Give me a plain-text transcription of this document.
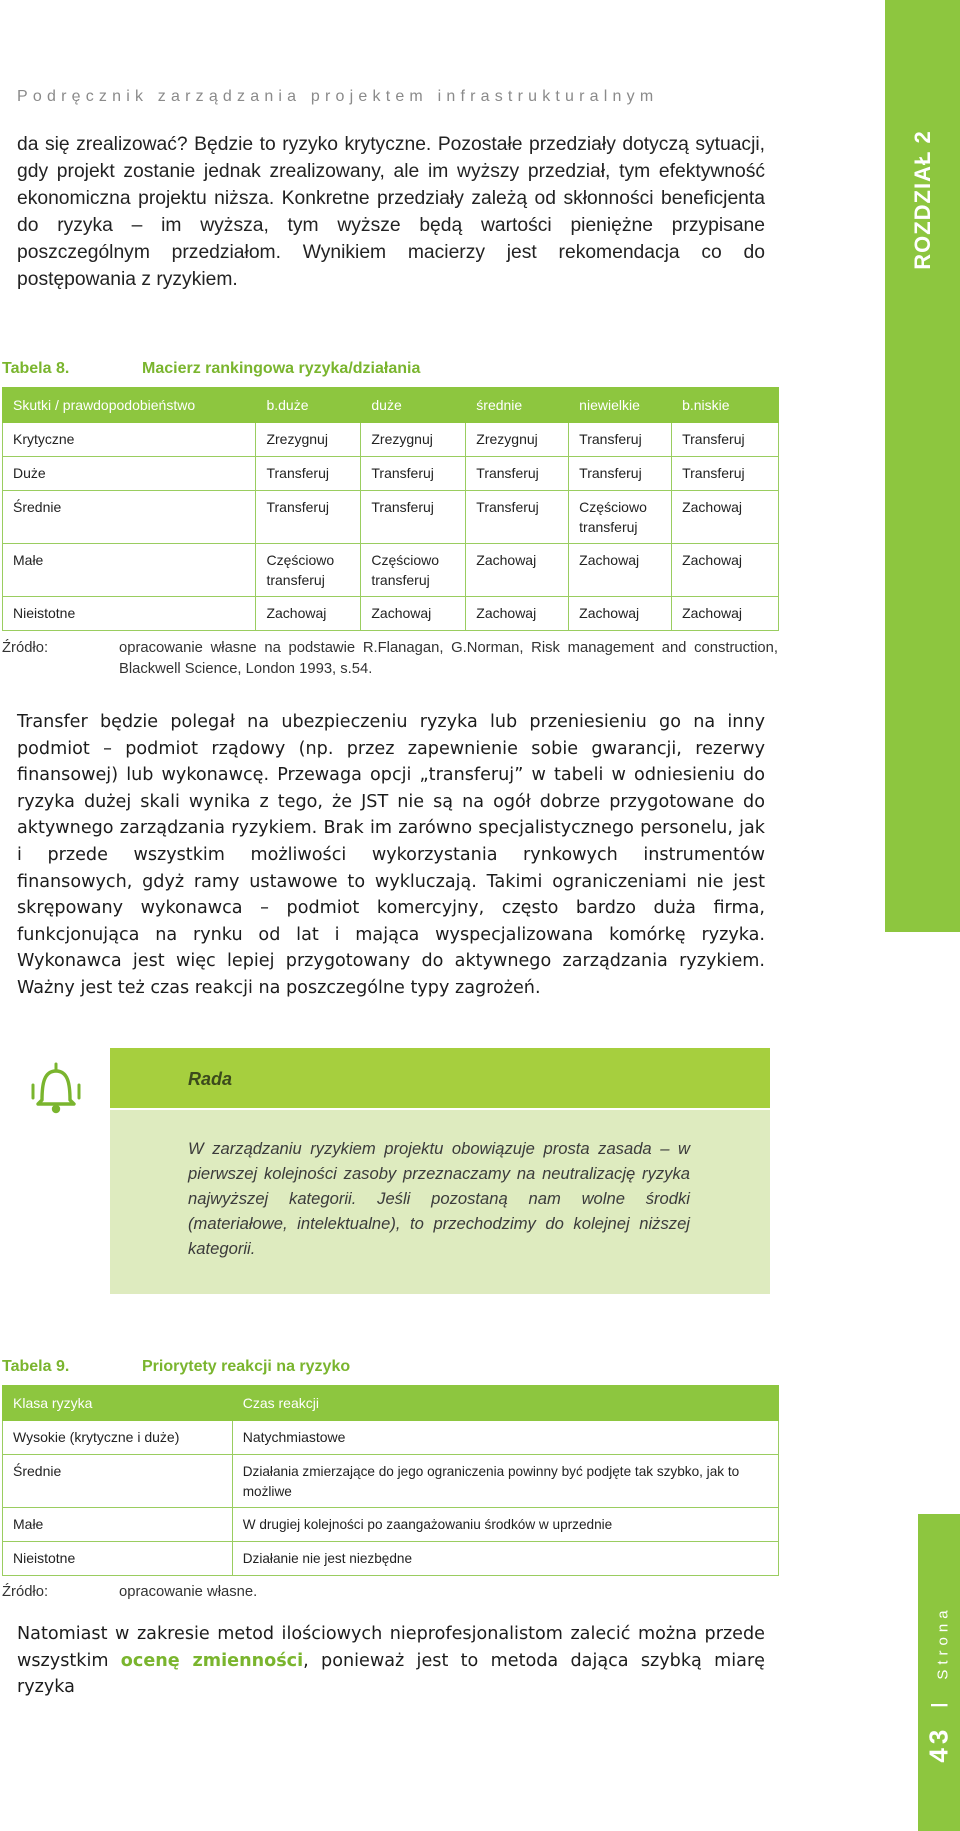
Podręcznik zarządzania projektem infrastrukturalnym
ROZDZIAŁ 2
43 I Strona

da się zrealizować? Będzie to ryzyko krytyczne. Pozostałe przedziały dotyczą sytuacji, gdy projekt zostanie jednak zrealizowany, ale im wyższy przedział, tym efektywność ekonomiczna projektu niższa. Konkretne przedziały zależą od skłonności beneficjenta do ryzyka – im wyższa, tym wyższe będą wartości pieniężne przypisane poszczególnym przedziałom. Wynikiem macierzy jest rekomendacja co do postępowania z ryzykiem.

Tabela 8.	Macierz rankingowa ryzyka/działania
Skutki / prawdopodobieństwo	b.duże	duże	średnie	niewielkie	b.niskie
Krytyczne	Zrezygnuj	Zrezygnuj	Zrezygnuj	Transferuj	Transferuj
Duże	Transferuj	Transferuj	Transferuj	Transferuj	Transferuj
Średnie	Transferuj	Transferuj	Transferuj	Częściowo transferuj	Zachowaj
Małe	Częściowo transferuj	Częściowo transferuj	Zachowaj	Zachowaj	Zachowaj
Nieistotne	Zachowaj	Zachowaj	Zachowaj	Zachowaj	Zachowaj
Źródło:	opracowanie własne na podstawie R.Flanagan, G.Norman, Risk management and construction, Blackwell Science, London 1993, s.54.

Transfer będzie polegał na ubezpieczeniu ryzyka lub przeniesieniu go na inny podmiot – podmiot rządowy (np. przez zapewnienie sobie gwarancji, rezerwy finansowej) lub wykonawcę. Przewaga opcji „transferuj” w tabeli w odniesieniu do ryzyka dużej skali wynika z tego, że JST nie są na ogół dobrze przygotowane do aktywnego zarządzania ryzykiem. Brak im zarówno specjalistycznego personelu, jak i przede wszystkim możliwości wykorzystania rynkowych instrumentów finansowych, gdyż ramy ustawowe to wykluczają. Takimi ograniczeniami nie jest skrępowany wykonawca – podmiot komercyjny, często bardzo duża firma, funkcjonująca na rynku od lat i mająca wyspecjalizowana komórkę ryzyka. Wykonawca jest więc lepiej przygotowany do aktywnego zarządzania ryzykiem. Ważny jest też czas reakcji na poszczególne typy zagrożeń.

Rada
W zarządzaniu ryzykiem projektu obowiązuje prosta zasada – w pierwszej kolejności zasoby przeznaczamy na neutralizację ryzyka najwyższej kategorii. Jeśli pozostaną nam wolne środki (materiałowe, intelektualne), to przechodzimy do kolejnej niższej kategorii.
Tabela 9.	Priorytety reakcji na ryzyko
Klasa ryzyka	Czas reakcji
Wysokie (krytyczne i duże)	Natychmiastowe
Średnie	Działania zmierzające do jego ograniczenia powinny być podjęte tak szybko, jak to możliwe
Małe	W drugiej kolejności po zaangażowaniu środków w uprzednie
Nieistotne	Działanie nie jest niezbędne
Źródło:	opracowanie własne.

Natomiast w zakresie metod ilościowych nieprofesjonalistom zalecić można przede wszystkim ocenę zmienności, ponieważ jest to metoda dająca szybką miarę ryzyka
